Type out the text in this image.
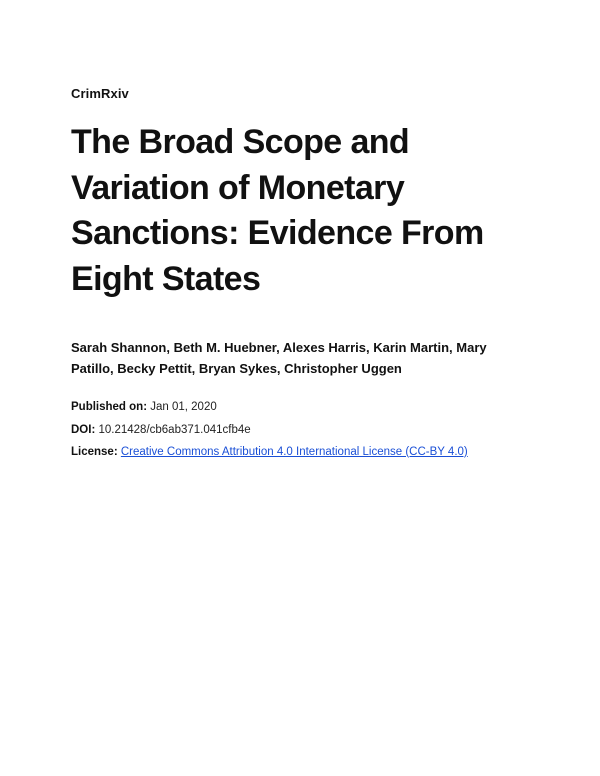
CrimRxiv
The Broad Scope and Variation of Monetary Sanctions: Evidence From Eight States

Sarah Shannon, Beth M. Huebner, Alexes Harris, Karin Martin, Mary Patillo, Becky Pettit, Bryan Sykes, Christopher Uggen

Published on: Jan 01, 2020
DOI: 10.21428/cb6ab371.041cfb4e
License: Creative Commons Attribution 4.0 International License (CC-BY 4.0)
